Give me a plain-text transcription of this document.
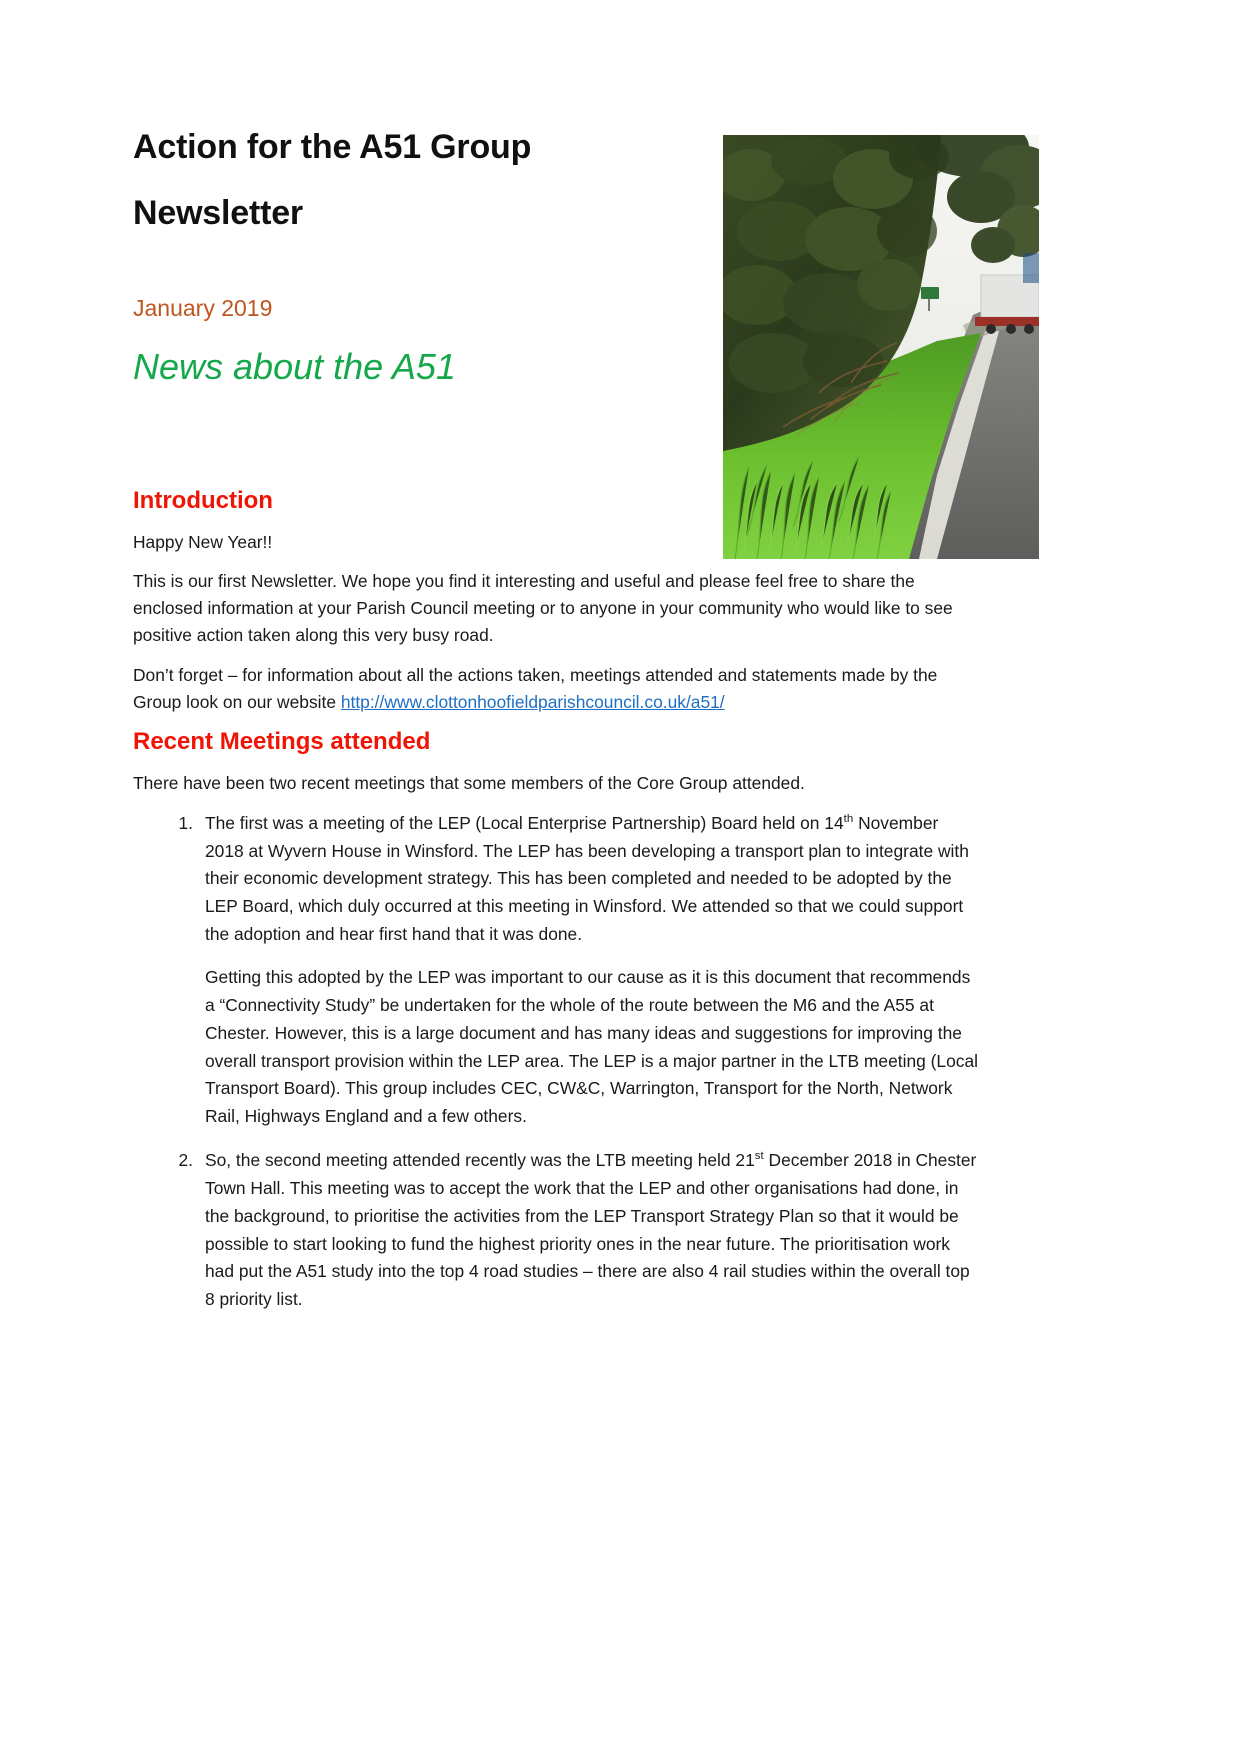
Action for the A51 Group
Newsletter
January 2019
News about the A51
Introduction

Happy New Year!!

This is our first Newsletter. We hope you find it interesting and useful and please feel free to share the enclosed information at your Parish Council meeting or to anyone in your community who would like to see positive action taken along this very busy road.

Don’t forget – for information about all the actions taken, meetings attended and statements made by the Group look on our website http://www.clottonhoofieldparishcouncil.co.uk/a51/

Recent Meetings attended

There have been two recent meetings that some members of the Core Group attended.

The first was a meeting of the LEP (Local Enterprise Partnership) Board held on 14th November 2018 at Wyvern House in Winsford. The LEP has been developing a transport plan to integrate with their economic development strategy. This has been completed and needed to be adopted by the LEP Board, which duly occurred at this meeting in Winsford. We attended so that we could support the adoption and hear first hand that it was done.

Getting this adopted by the LEP was important to our cause as it is this document that recommends a “Connectivity Study” be undertaken for the whole of the route between the M6 and the A55 at Chester. However, this is a large document and has many ideas and suggestions for improving the overall transport provision within the LEP area. The LEP is a major partner in the LTB meeting (Local Transport Board). This group includes CEC, CW&C, Warrington, Transport for the North, Network Rail, Highways England and a few others.

So, the second meeting attended recently was the LTB meeting held 21st December 2018 in Chester Town Hall. This meeting was to accept the work that the LEP and other organisations had done, in the background, to prioritise the activities from the LEP Transport Strategy Plan so that it would be possible to start looking to fund the highest priority ones in the near future. The prioritisation work had put the A51 study into the top 4 road studies – there are also 4 rail studies within the overall top 8 priority list.
